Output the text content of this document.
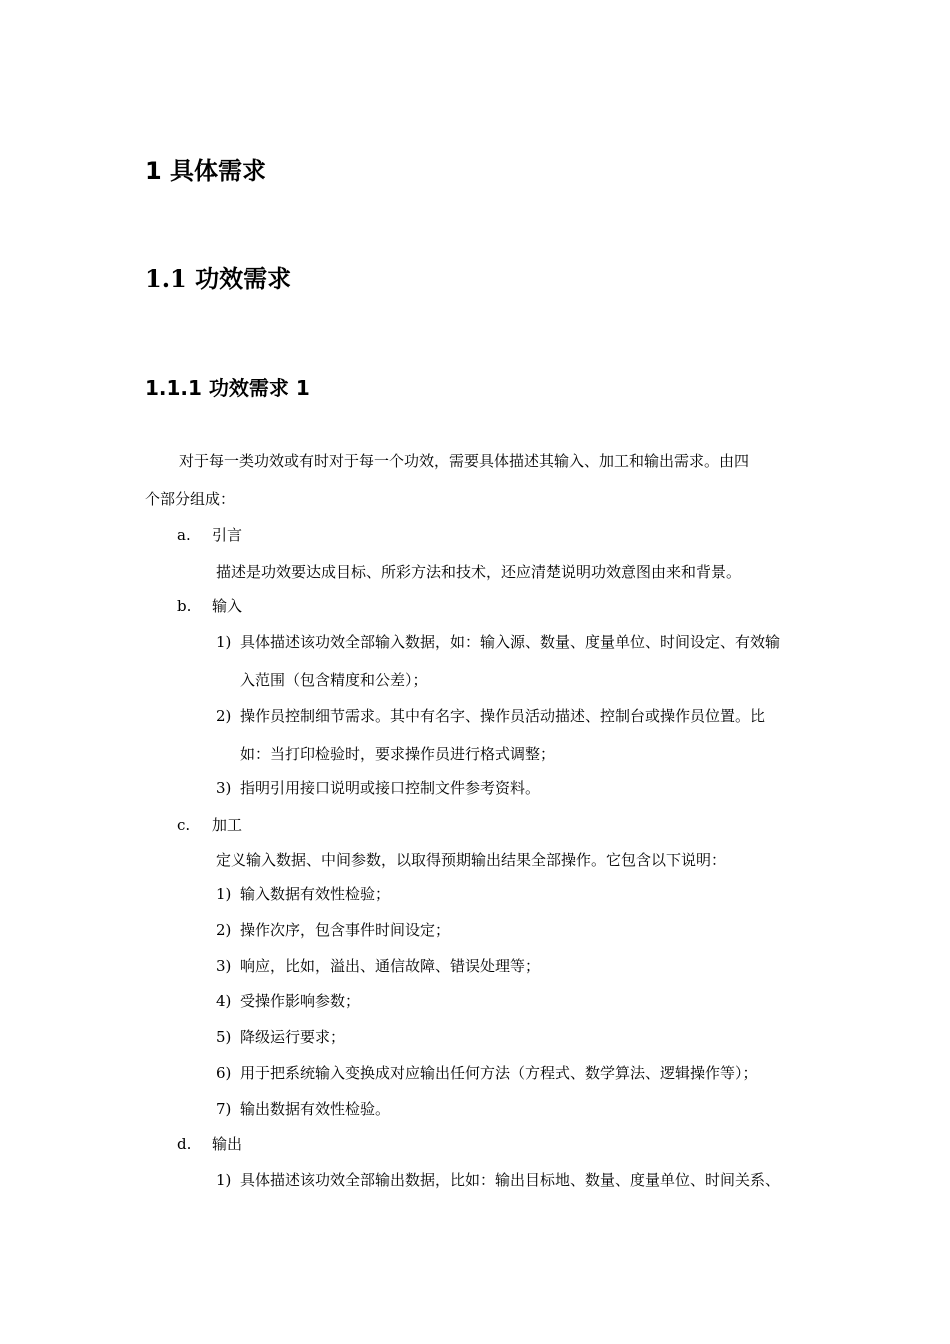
1 具体需求
1.1 功效需求
1.1.1 功效需求 1

对于每一类功效或有时对于每一个功效，需要具体描述其输入、加工和输出需求。由四

个部分组成：

a. 引言

描述是功效要达成目标、所彩方法和技术，还应清楚说明功效意图由来和背景。

b. 输入
1) 具体描述该功效全部输入数据，如：输入源、数量、度量单位、时间设定、有效输
入范围（包含精度和公差）；
2) 操作员控制细节需求。其中有名字、操作员活动描述、控制台或操作员位置。比
如：当打印检验时，要求操作员进行格式调整；
3) 指明引用接口说明或接口控制文件参考资料。
c. 加工

定义输入数据、中间参数，以取得预期输出结果全部操作。它包含以下说明：

1) 输入数据有效性检验；
2) 操作次序，包含事件时间设定；
3) 响应，比如，溢出、通信故障、错误处理等；
4) 受操作影响参数；
5) 降级运行要求；
6) 用于把系统输入变换成对应输出任何方法（方程式、数学算法、逻辑操作等）；
7) 输出数据有效性检验。
d. 输出
1) 具体描述该功效全部输出数据，比如：输出目标地、数量、度量单位、时间关系、
